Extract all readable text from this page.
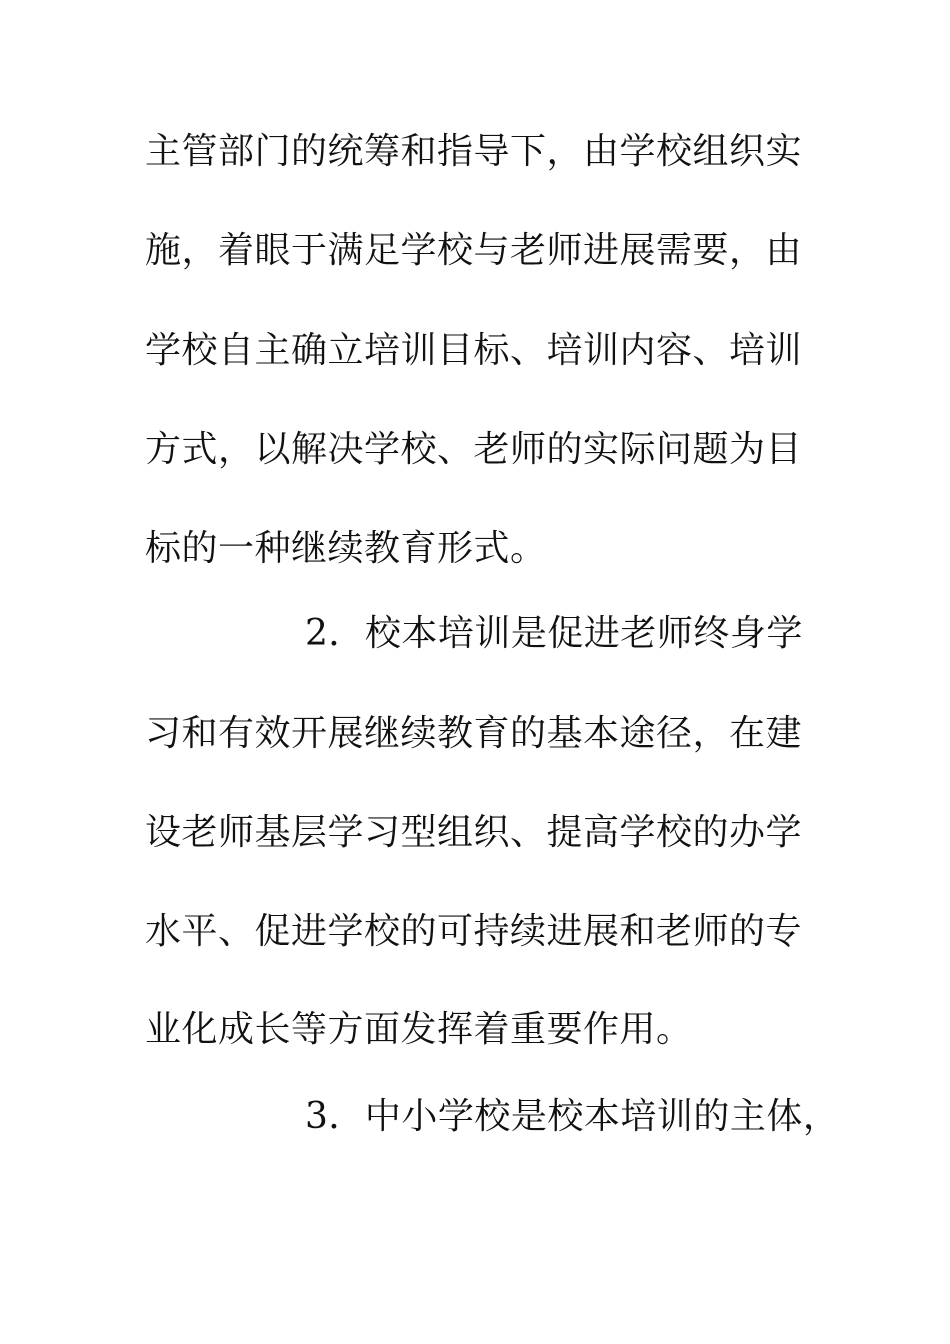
主管部门的统筹和指导下，由学校组织实
施，着眼于满足学校与老师进展需要，由
学校自主确立培训目标、培训内容、培训
方式，以解决学校、老师的实际问题为目
标的一种继续教育形式。
2．校本培训是促进老师终身学
习和有效开展继续教育的基本途径，在建
设老师基层学习型组织、提高学校的办学
水平、促进学校的可持续进展和老师的专
业化成长等方面发挥着重要作用。
3．中小学校是校本培训的主体，
